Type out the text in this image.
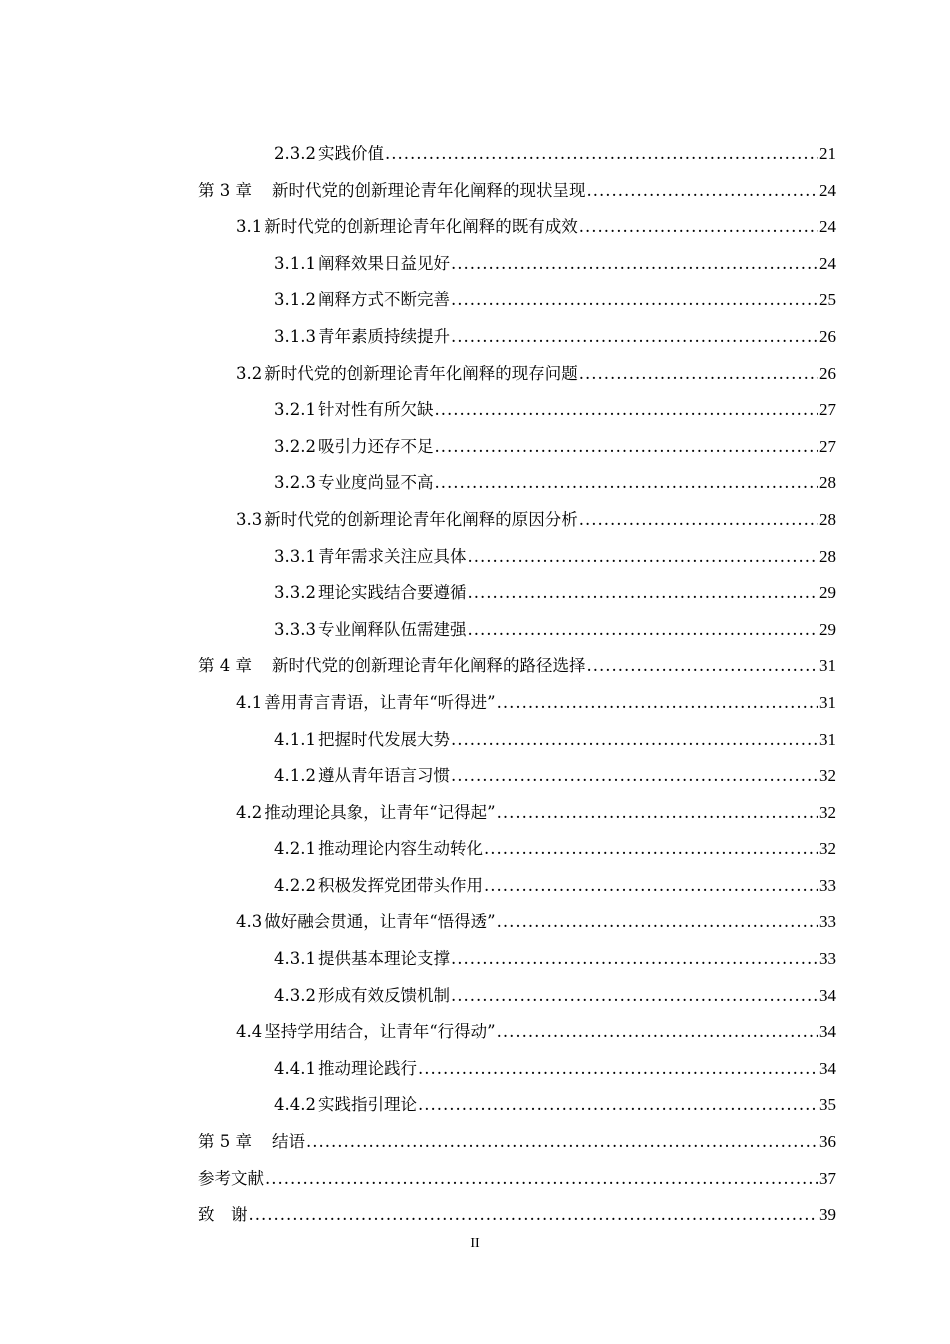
2.3.2 实践价值 .....	21
第 3 章 新时代党的创新理论青年化阐释的现状呈现 .....	24
3.1 新时代党的创新理论青年化阐释的既有成效 .....	24
3.1.1 阐释效果日益见好 .....	24
3.1.2 阐释方式不断完善 .....	25
3.1.3 青年素质持续提升 .....	26
3.2 新时代党的创新理论青年化阐释的现存问题 .....	26
3.2.1 针对性有所欠缺 .....	27
3.2.2 吸引力还存不足 .....	27
3.2.3 专业度尚显不高 .....	28
3.3 新时代党的创新理论青年化阐释的原因分析 .....	28
3.3.1 青年需求关注应具体 .....	28
3.3.2 理论实践结合要遵循 .....	29
3.3.3 专业阐释队伍需建强 .....	29
第 4 章 新时代党的创新理论青年化阐释的路径选择 .....	31
4.1 善用青言青语，让青年“听得进” .....	31
4.1.1 把握时代发展大势 .....	31
4.1.2 遵从青年语言习惯 .....	32
4.2 推动理论具象，让青年“记得起” .....	32
4.2.1 推动理论内容生动转化 .....	32
4.2.2 积极发挥党团带头作用 .....	33
4.3 做好融会贯通，让青年“悟得透” .....	33
4.3.1 提供基本理论支撑 .....	33
4.3.2 形成有效反馈机制 .....	34
4.4 坚持学用结合，让青年“行得动” .....	34
4.4.1 推动理论践行 .....	34
4.4.2 实践指引理论 .....	35
第 5 章 结语 .....	36
参考文献 .....	37
致　谢 .....	39
II
